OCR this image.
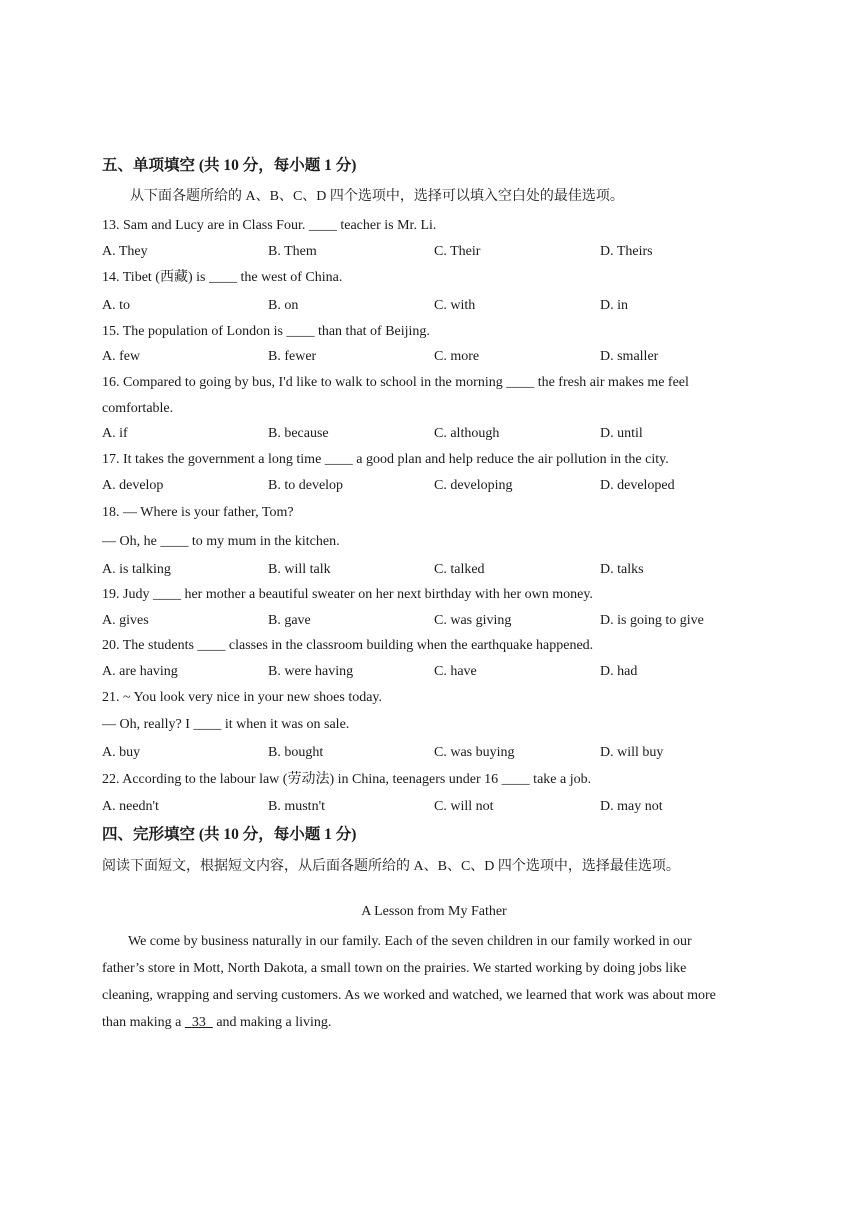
五、单项填空 (共 10 分，每小题 1 分)
从下面各题所给的 A、B、C、D 四个选项中，选择可以填入空白处的最佳选项。
13. Sam and Lucy are in Class Four. ____ teacher is Mr. Li.
A. They	B. Them	C. Their	D. Theirs
14. Tibet (西藏) is ____ the west of China.
A. to	B. on	C. with	D. in
15. The population of London is ____ than that of Beijing.
A. few	B. fewer	C. more	D. smaller
16. Compared to going by bus, I'd like to walk to school in the morning ____ the fresh air makes me feel
comfortable.
A. if	B. because	C. although	D. until
17. It takes the government a long time ____ a good plan and help reduce the air pollution in the city.
A. develop	B. to develop	C. developing	D. developed
18. — Where is your father, Tom?
— Oh, he ____ to my mum in the kitchen.
A. is talking	B. will talk	C. talked	D. talks
19. Judy ____ her mother a beautiful sweater on her next birthday with her own money.
A. gives	B. gave	C. was giving	D. is going to give
20. The students ____ classes in the classroom building when the earthquake happened.
A. are having	B. were having	C. have	D. had
21. ~ You look very nice in your new shoes today.
— Oh, really? I ____ it when it was on sale.
A. buy	B. bought	C. was buying	D. will buy
22. According to the labour law (劳动法) in China, teenagers under 16 ____ take a job.
A. needn't	B. mustn't	C. will not	D. may not
四、完形填空 (共 10 分，每小题 1 分)
阅读下面短文，根据短文内容，从后面各题所给的 A、B、C、D 四个选项中，选择最佳选项。
A Lesson from My Father
We come by business naturally in our family. Each of the seven children in our family worked in our
father’s store in Mott, North Dakota, a small town on the prairies. We started working by doing jobs like
cleaning, wrapping and serving customers. As we worked and watched, we learned that work was about more
than making a   33   and making a living.
